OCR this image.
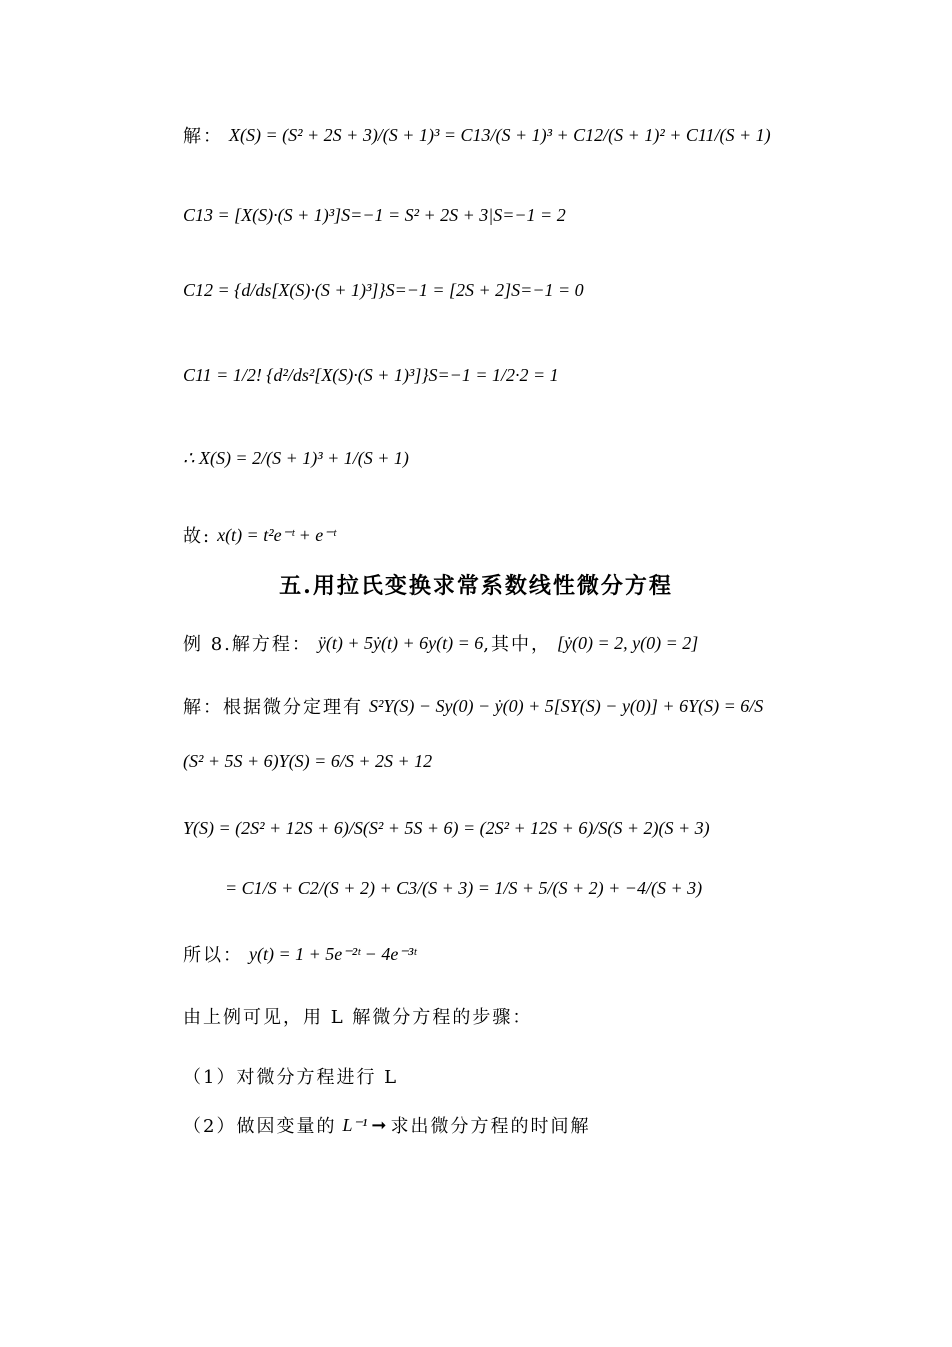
解： X(S) = (S² + 2S + 3)/(S + 1)³ = C13/(S + 1)³ + C12/(S + 1)² + C11/(S + 1)
C13 = [X(S)·(S + 1)³]S=−1 = S² + 2S + 3|S=−1 = 2
C12 = {d/ds[X(S)·(S + 1)³]}S=−1 = [2S + 2]S=−1 = 0
C11 = 1/2! {d²/ds²[X(S)·(S + 1)³]}S=−1 = 1/2·2 = 1
∴ X(S) = 2/(S + 1)³ + 1/(S + 1)
故: x(t) = t²e⁻ᵗ + e⁻ᵗ
五.用拉氏变换求常系数线性微分方程
例 8.解方程： ÿ(t) + 5ẏ(t) + 6y(t) = 6 ,其中， [ẏ(0) = 2, y(0) = 2]
解：根据微分定理有 S²Y(S) − Sy(0) − ẏ(0) + 5[SY(S) − y(0)] + 6Y(S) = 6/S
(S² + 5S + 6)Y(S) = 6/S + 2S + 12
Y(S) = (2S² + 12S + 6)/S(S² + 5S + 6) = (2S² + 12S + 6)/S(S + 2)(S + 3)
= C1/S + C2/(S + 2) + C3/(S + 3) = 1/S + 5/(S + 2) + −4/(S + 3)
所以： y(t) = 1 + 5e⁻²ᵗ − 4e⁻³ᵗ
由上例可见，用 L 解微分方程的步骤：
（1）对微分方程进行 L
（2）做因变量的 L⁻¹ ➞ 求出微分方程的时间解
